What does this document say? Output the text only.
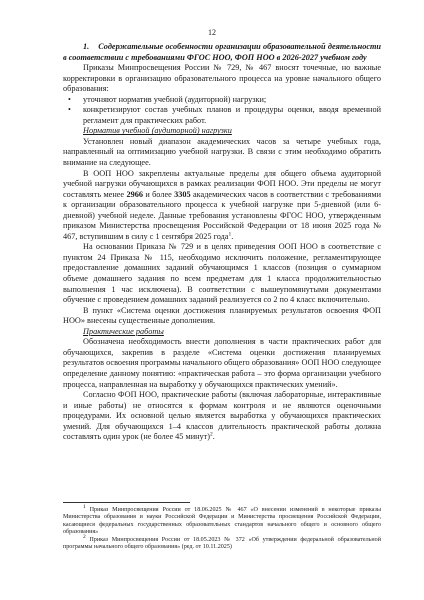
12

1. Содержательные особенности организации образовательной деятельности в соответствии с требованиями ФГОС НОО, ФОП НОО в 2026-2027 учебном году

Приказы Минпросвещения России № 729, № 467 вносят точечные, но важные корректировки в организацию образовательного процесса на уровне начального общего образования:

• уточняют норматив учебной (аудиторной) нагрузки;
• конкретизируют состав учебных планов и процедуры оценки, вводя временной регламент для практических работ.

Норматив учебной (аудиторной) нагрузки

Установлен новый диапазон академических часов за четыре учебных года, направленный на оптимизацию учебной нагрузки. В связи с этим необходимо обратить внимание на следующее.

В ООП НОО закреплены актуальные пределы для общего объема аудиторной учебной нагрузки обучающихся в рамках реализации ФОП НОО. Эти пределы не могут составлять менее 2966 и более 3305 академических часов в соответствии с требованиями к организации образовательного процесса к учебной нагрузке при 5-дневной (или 6-дневной) учебной неделе. Данные требования установлены ФГОС НОО, утвержденным приказом Министерства просвещения Российской Федерации от 18 июня 2025 года № 467, вступившим в силу с 1 сентября 2025 года$^1$.

На основании Приказа № 729 и в целях приведения ООП НОО в соответствие с пунктом 24 Приказа № 115, необходимо исключить положение, регламентирующее предоставление домашних заданий обучающимся 1 классов (позиция о суммарном объеме домашнего задания по всем предметам для 1 класса продолжительностью выполнения 1 час исключена). В соответствии с вышеупомянутыми документами обучение с проведением домашних заданий реализуется со 2 по 4 класс включительно.

В пункт «Система оценки достижения планируемых результатов освоения ФОП НОО» внесены существенные дополнения.

Практические работы

Обозначена необходимость внести дополнения в части практических работ для обучающихся, закрепив в разделе «Система оценки достижения планируемых результатов освоения программы начального общего образования» ООП НОО следующее определение данному понятию: «практическая работа – это форма организации учебного процесса, направленная на выработку у обучающихся практических умений».

Согласно ФОП НОО, практические работы (включая лабораторные, интерактивные и иные работы) не относятся к формам контроля и не являются оценочными процедурами. Их основной целью является выработка у обучающихся практических умений. Для обучающихся 1–4 классов длительность практической работы должна составлять один урок (не более 45 минут)$^2$.

$^1$ Приказ Минпросвещения России от 18.06.2025 № 467 «О внесении изменений в некоторые приказы Министерства образования и науки Российской Федерации и Министерства просвещения Российской Федерации, касающиеся федеральных государственных образовательных стандартов начального общего и основного общего образования»

$^2$ Приказ Минпросвещения России от 18.05.2023 № 372 «Об утверждении федеральной образовательной программы начального общего образования» (ред. от 10.11.2025)
